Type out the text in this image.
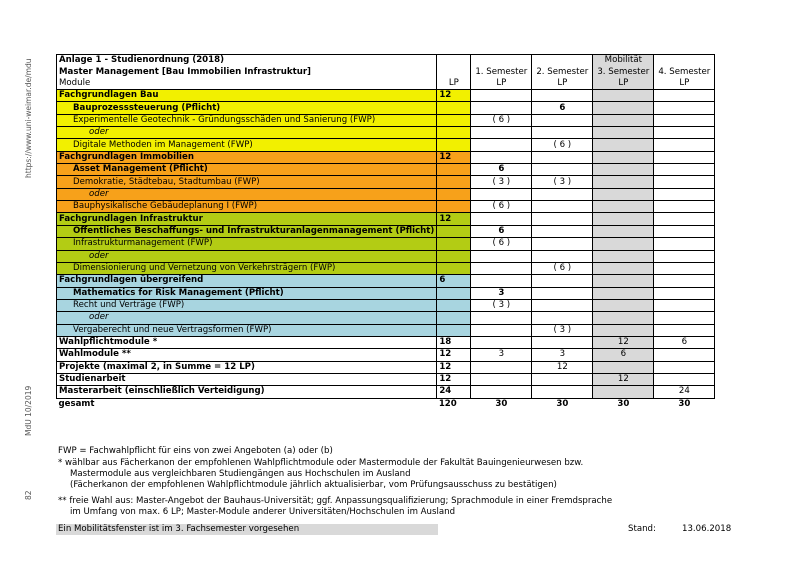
https://www.uni-weimar.de/mdu
MdU 10/2019
82
Anlage 1 - Studienordnung (2018)				Mobilität	
Master Management [Bau Immobilien Infrastruktur]		1. Semester	2. Semester	3. Semester	4. Semester
Module	LP	LP	LP	LP	LP
Fachgrundlagen Bau	12				
Bauprozesssteuerung (Pflicht)			6		
Experimentelle Geotechnik - Gründungsschäden und Sanierung (FWP)		( 6 )			
oder					
Digitale Methoden im Management (FWP)			( 6 )		
Fachgrundlagen Immobilien	12				
Asset Management (Pflicht)		6			
Demokratie, Städtebau, Stadtumbau (FWP)		( 3 )	( 3 )		
oder					
Bauphysikalische Gebäudeplanung I (FWP)		( 6 )			
Fachgrundlagen Infrastruktur	12				
Öffentliches Beschaffungs- und Infrastrukturanlagenmanagement (Pflicht)		6			
Infrastrukturmanagement (FWP)		( 6 )			
oder					
Dimensionierung und Vernetzung von Verkehrsträgern (FWP)			( 6 )		
Fachgrundlagen übergreifend	6				
Mathematics for Risk Management (Pflicht)		3			
Recht und Verträge (FWP)		( 3 )			
oder					
Vergaberecht und neue Vertragsformen (FWP)			( 3 )		
Wahlpflichtmodule *	18			12	6
Wahlmodule **	12	3	3	6	
Projekte (maximal 2, in Summe = 12 LP)	12		12		
Studienarbeit	12			12	
Masterarbeit (einschließlich Verteidigung)	24				24
gesamt	120	30	30	30	30
FWP = Fachwahlpflicht für eins von zwei Angeboten (a) oder (b)
* wählbar aus Fächerkanon der empfohlenen Wahlpflichtmodule oder Mastermodule der Fakultät Bauingenieurwesen bzw.
Mastermodule aus vergleichbaren Studiengängen aus Hochschulen im Ausland
(Fächerkanon der empfohlenen Wahlpflichtmodule jährlich aktualisierbar, vom Prüfungsausschuss zu bestätigen)
** freie Wahl aus: Master-Angebot der Bauhaus-Universität; ggf. Anpassungsqualifizierung; Sprachmodule in einer Fremdsprache
im Umfang von max. 6 LP; Master-Module anderer Universitäten/Hochschulen im Ausland
Ein Mobilitätsfenster ist im 3. Fachsemester vorgesehen	Stand:	13.06.2018
